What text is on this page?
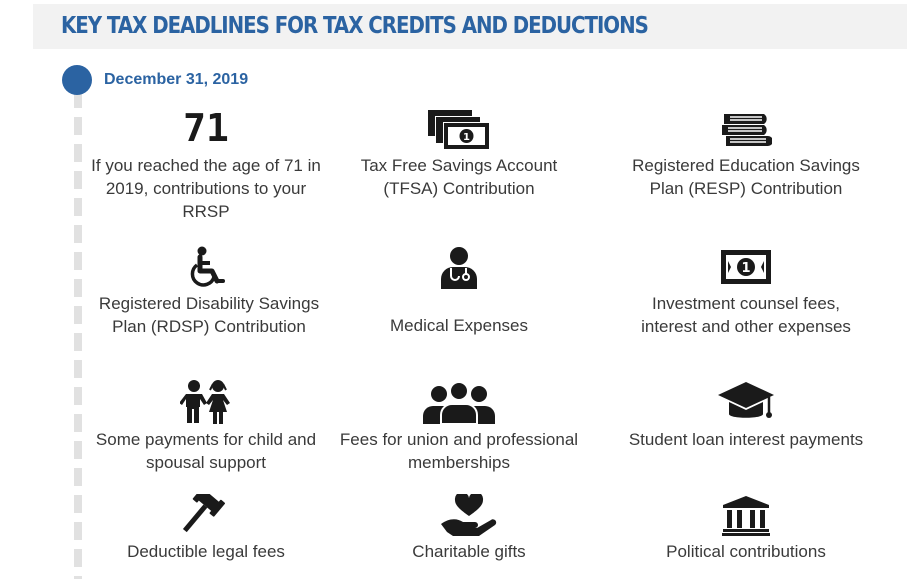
KEY TAX DEADLINES FOR TAX CREDITS AND DEDUCTIONS
December 31, 2019
71
If you reached the age of 71 in 2019, contributions to your RRSP
1
Tax Free Savings Account (TFSA) Contribution
Registered Education Savings Plan (RESP) Contribution
Registered Disability Savings Plan (RDSP) Contribution	Medical Expenses
1
Investment counsel fees, interest and other expenses
Some payments for child and spousal support
Fees for union and professional memberships
Student loan interest payments
Deductible legal fees	Charitable gifts	Political contributions
